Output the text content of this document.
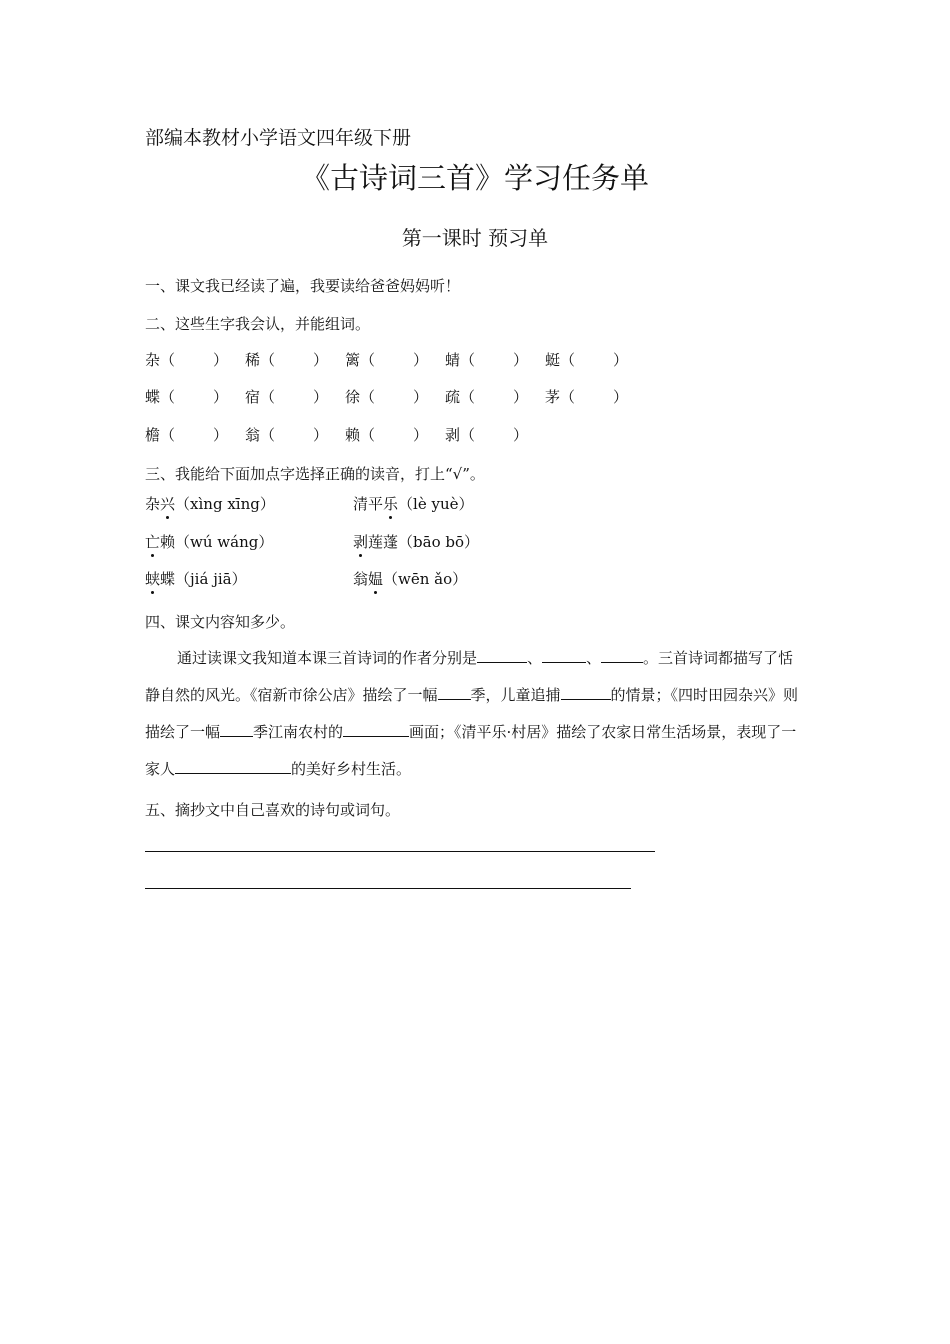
部编本教材小学语文四年级下册
《古诗词三首》学习任务单
第一课时 预习单
一、课文我已经读了遍，我要读给爸爸妈妈听！
二、这些生字我会认，并能组词。
杂（	） 稀（	） 篱（	） 蜻（	） 蜓（	）
蝶（	） 宿（	） 徐（	） 疏（	） 茅（	）
檐（	） 翁（	） 赖（	） 剥（	）
三、我能给下面加点字选择正确的读音，打上“√”。
杂兴（xìng xīng）	清平乐（lè yuè）
亡赖（wú wáng）	剥莲蓬（bāo bō）
蛱蝶（jiá jiā）	翁媪（wēn ǎo）
四、课文内容知多少。
通过读课文我知道本课三首诗词的作者分别是	、	、	。三首诗词都描写了恬静自然的风光。《宿新市徐公店》描绘了一幅 季，儿童追捕	的情景；《四时田园杂兴》则描绘了一幅 季江南农村的	画面；《清平乐·村居》描绘了农家日常生活场景，表现了一家人	的美好乡村生活。
五、摘抄文中自己喜欢的诗句或词句。
